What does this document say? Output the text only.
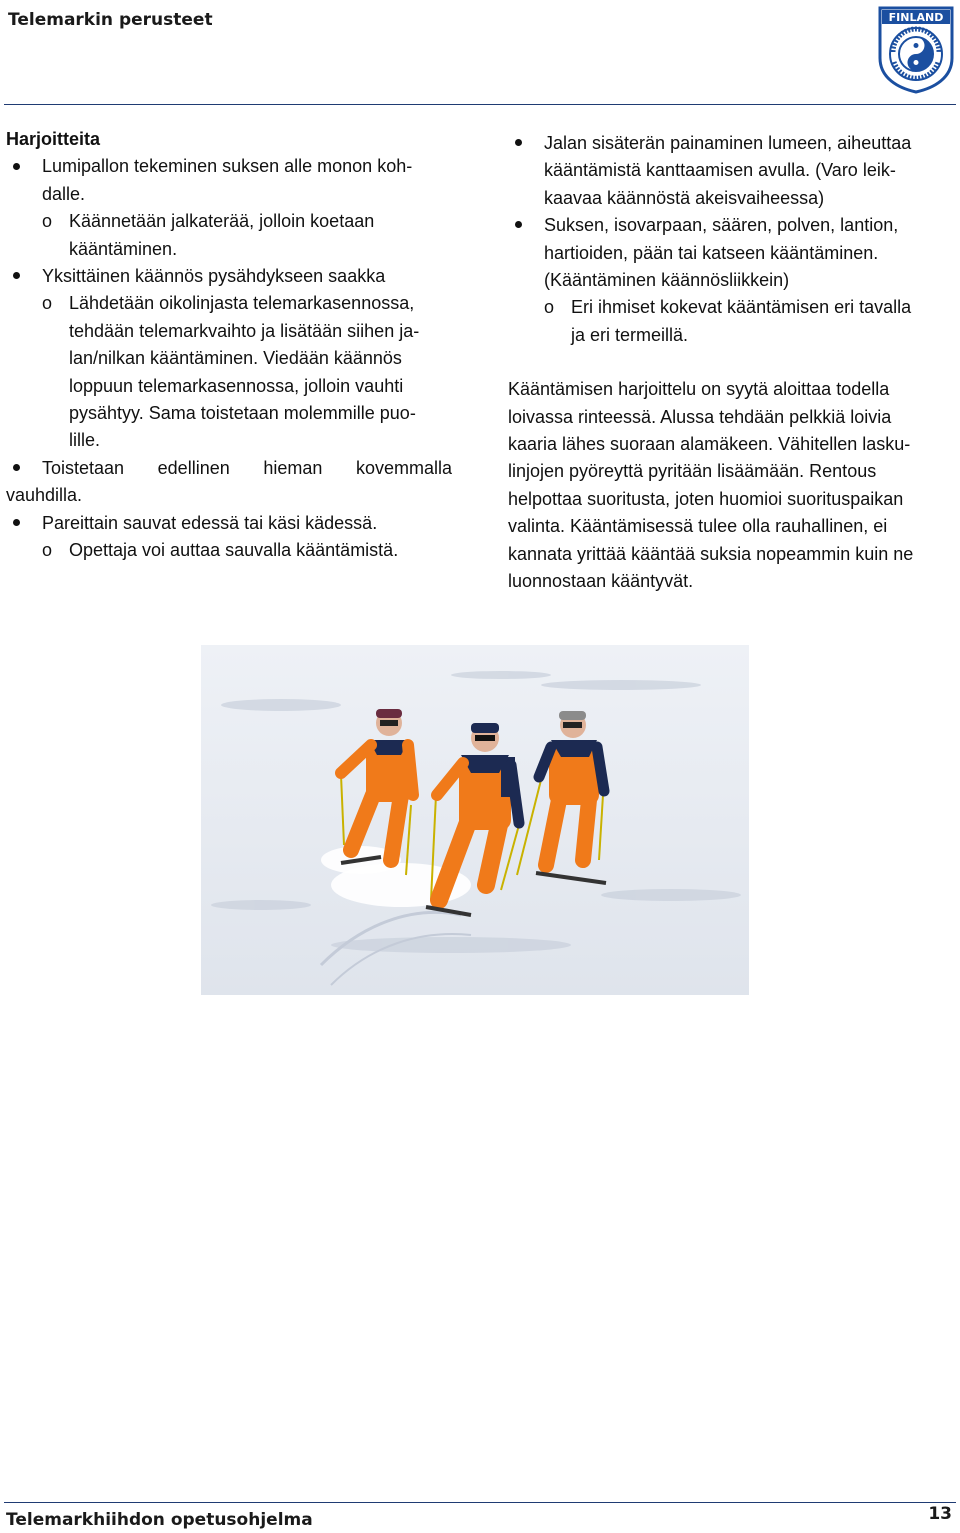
Telemarkin perusteet	FINLAND
Harjoitteita
Lumipallon tekeminen suksen alle monon koh-
dalle.
o Käännetään jalkaterää, jolloin koetaan
kääntäminen.
Yksittäinen käännös pysähdykseen saakka
o Lähdetään oikolinjasta telemarkasennossa,
tehdään telemarkvaihto ja lisätään siihen ja-
lan/nilkan kääntäminen. Viedään käännös
loppuun telemarkasennossa, jolloin vauhti
pysähtyy. Sama toistetaan molemmille puo-
lille.
Toistetaan edellinen hieman kovemmalla
vauhdilla.
Pareittain sauvat edessä tai käsi kädessä.
o Opettaja voi auttaa sauvalla kääntämistä.
Jalan sisäterän painaminen lumeen, aiheuttaa
kääntämistä kanttaamisen avulla. (Varo leik-
kaavaa käännöstä akeisvaiheessa)
Suksen, isovarpaan, säären, polven, lantion,
hartioiden, pään tai katseen kääntäminen.
(Kääntäminen käännösliikkein)
o Eri ihmiset kokevat kääntämisen eri tavalla
ja eri termeillä.
Kääntämisen harjoittelu on syytä aloittaa todella
loivassa rinteessä. Alussa tehdään pelkkiä loivia
kaaria lähes suoraan alamäkeen. Vähitellen lasku-
linjojen pyöreyttä pyritään lisäämään. Rentous
helpottaa suoritusta, joten huomioi suorituspaikan
valinta. Kääntämisessä tulee olla rauhallinen, ei
kannata yrittää kääntää suksia nopeammin kuin ne
luonnostaan kääntyvät.
Telemarkhiihdon opetusohjelma	13
